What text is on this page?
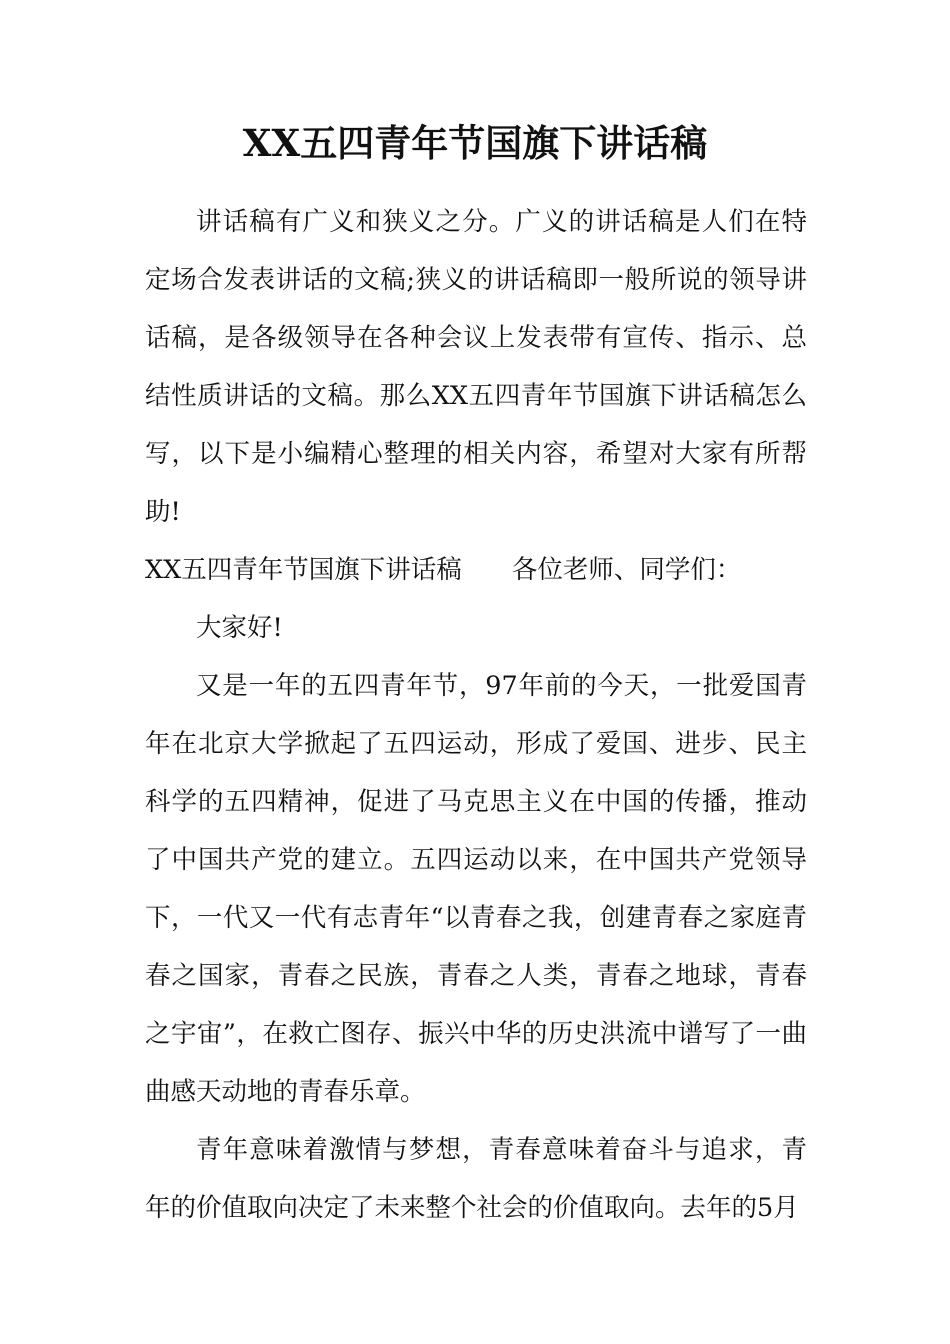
XX五四青年节国旗下讲话稿

讲话稿有广义和狭义之分。广义的讲话稿是人们在特定场合发表讲话的文稿;狭义的讲话稿即一般所说的领导讲话稿，是各级领导在各种会议上发表带有宣传、指示、总结性质讲话的文稿。那么XX五四青年节国旗下讲话稿怎么写，以下是小编精心整理的相关内容，希望对大家有所帮助!

XX五四青年节国旗下讲话稿 各位老师、同学们：

大家好!

又是一年的五四青年节，97年前的今天，一批爱国青年在北京大学掀起了五四运动，形成了爱国、进步、民主科学的五四精神，促进了马克思主义在中国的传播，推动了中国共产党的建立。五四运动以来，在中国共产党领导下，一代又一代有志青年“以青春之我，创建青春之家庭青春之国家，青春之民族，青春之人类，青春之地球，青春之宇宙”，在救亡图存、振兴中华的历史洪流中谱写了一曲曲感天动地的青春乐章。

青年意味着激情与梦想，青春意味着奋斗与追求，青年的价值取向决定了未来整个社会的价值取向。去年的5月
